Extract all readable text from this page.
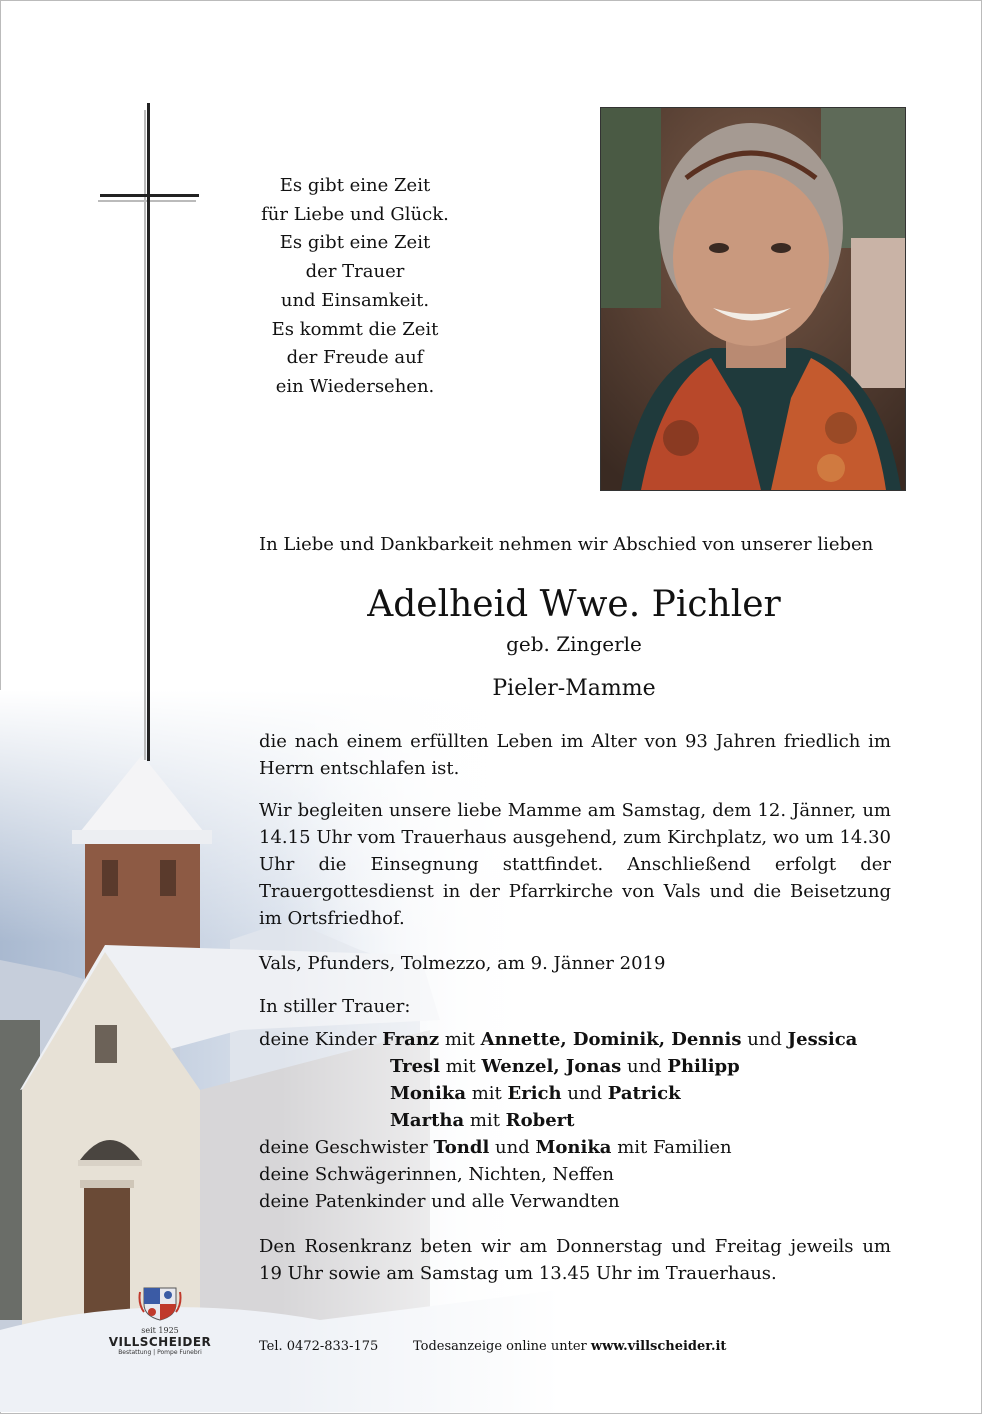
Es gibt eine Zeit
für Liebe und Glück.
Es gibt eine Zeit
der Trauer
und Einsamkeit.
Es kommt die Zeit
der Freude auf
ein Wiedersehen.
In Liebe und Dankbarkeit nehmen wir Abschied von unserer lieben
Adelheid Wwe. Pichler
geb. Zingerle
Pieler-Mamme
die nach einem erfüllten Leben im Alter von 93 Jahren friedlich im Herrn entschlafen ist.
Wir begleiten unsere liebe Mamme am Samstag, dem 12. Jänner, um 14.15 Uhr vom Trauerhaus ausgehend, zum Kirchplatz, wo um 14.30 Uhr die Einsegnung stattfindet. Anschließend erfolgt der Trauergottesdienst in der Pfarrkirche von Vals und die Beisetzung im Ortsfriedhof.
Vals, Pfunders, Tolmezzo, am 9. Jänner 2019
In stiller Trauer:
deine Kinder Franz mit Annette, Dominik, Dennis und Jessica
Tresl mit Wenzel, Jonas und Philipp
Monika mit Erich und Patrick
Martha mit Robert
deine Geschwister Tondl und Monika mit Familien
deine Schwägerinnen, Nichten, Neffen
deine Patenkinder und alle Verwandten
Den Rosenkranz beten wir am Donnerstag und Freitag jeweils um 19 Uhr sowie am Samstag um 13.45 Uhr im Trauerhaus.
seit 1925
VILLSCHEIDER
Bestattung | Pompe Funebri	Tel. 0472-833-175	Todesanzeige online unter www.villscheider.it
